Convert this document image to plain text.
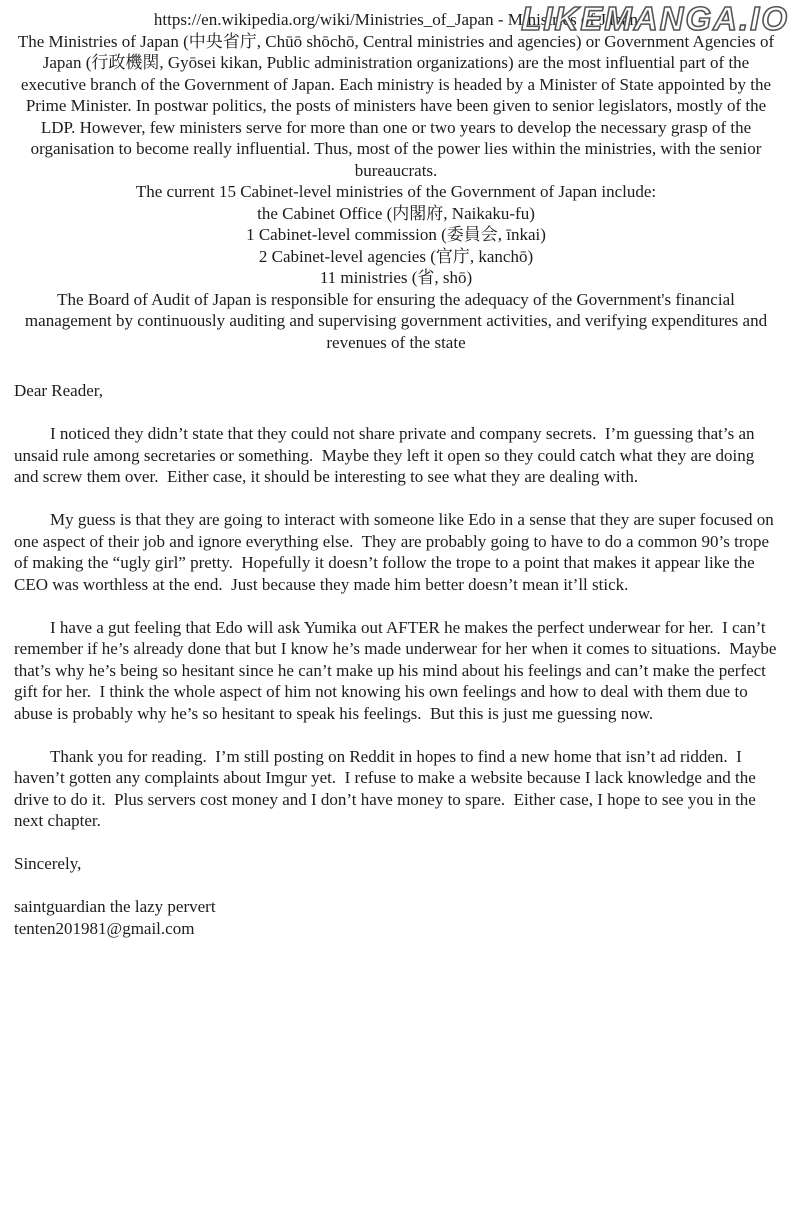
LIKEMANGA.IO
https://en.wikipedia.org/wiki/Ministries_of_Japan - Ministries of Japan

The Ministries of Japan (中央省庁, Chūō shōchō, Central ministries and agencies) or Government Agencies of Japan (行政機関, Gyōsei kikan, Public administration organizations) are the most influential part of the executive branch of the Government of Japan. Each ministry is headed by a Minister of State appointed by the Prime Minister. In postwar politics, the posts of ministers have been given to senior legislators, mostly of the LDP. However, few ministers serve for more than one or two years to develop the necessary grasp of the organisation to become really influential. Thus, most of the power lies within the ministries, with the senior bureaucrats.

The current 15 Cabinet-level ministries of the Government of Japan include:
the Cabinet Office (内閣府, Naikaku-fu)
1 Cabinet-level commission (委員会, īnkai)
2 Cabinet-level agencies (官庁, kanchō)
11 ministries (省, shō)

The Board of Audit of Japan is responsible for ensuring the adequacy of the Government's financial management by continuously auditing and supervising government activities, and verifying expenditures and revenues of the state

Dear Reader,

I noticed they didn’t state that they could not share private and company secrets.  I’m guessing that’s an unsaid rule among secretaries or something.  Maybe they left it open so they could catch what they are doing and screw them over.  Either case, it should be interesting to see what they are dealing with.

My guess is that they are going to interact with someone like Edo in a sense that they are super focused on one aspect of their job and ignore everything else.  They are probably going to have to do a common 90’s trope of making the “ugly girl” pretty.  Hopefully it doesn’t follow the trope to a point that makes it appear like the CEO was worthless at the end.  Just because they made him better doesn’t mean it’ll stick.

I have a gut feeling that Edo will ask Yumika out AFTER he makes the perfect underwear for her.  I can’t remember if he’s already done that but I know he’s made underwear for her when it comes to situations.  Maybe that’s why he’s being so hesitant since he can’t make up his mind about his feelings and can’t make the perfect gift for her.  I think the whole aspect of him not knowing his own feelings and how to deal with them due to abuse is probably why he’s so hesitant to speak his feelings.  But this is just me guessing now.

Thank you for reading.  I’m still posting on Reddit in hopes to find a new home that isn’t ad ridden.  I haven’t gotten any complaints about Imgur yet.  I refuse to make a website because I lack knowledge and the drive to do it.  Plus servers cost money and I don’t have money to spare.  Either case, I hope to see you in the next chapter.

Sincerely,

saintguardian the lazy pervert
tenten201981@gmail.com
